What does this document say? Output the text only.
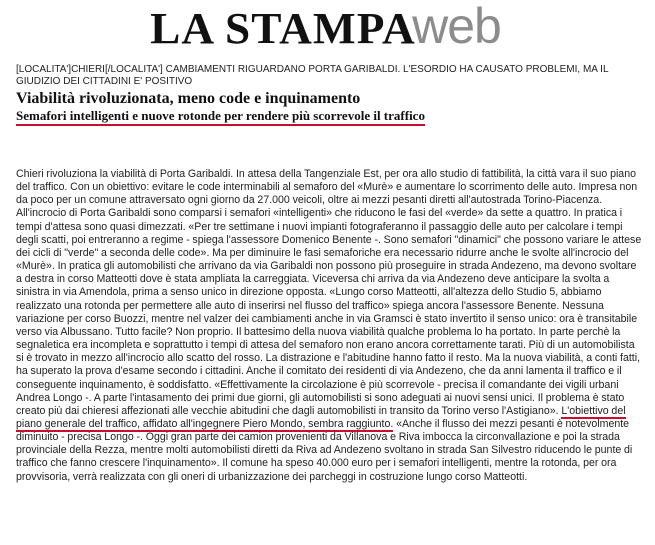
LA STAMPAweb
[LOCALITA']CHIERI[/LOCALITA'] CAMBIAMENTI RIGUARDANO PORTA GARIBALDI. L'ESORDIO HA CAUSATO PROBLEMI, MA IL GIUDIZIO DEI CITTADINI E' POSITIVO
Viabilità rivoluzionata, meno code e inquinamento
Semafori intelligenti e nuove rotonde per rendere più scorrevole il traffico
Chieri rivoluziona la viabilità di Porta Garibaldi. In attesa della Tangenziale Est, per ora allo studio di fattibilità, la città vara il suo piano del traffico. Con un obiettivo: evitare le code interminabili al semaforo del «Murè» e aumentare lo scorrimento delle auto. Impresa non da poco per un comune attraversato ogni giorno da 27.000 veicoli, oltre ai mezzi pesanti diretti all'autostrada Torino-Piacenza. All'incrocio di Porta Garibaldi sono comparsi i semafori «intelligenti» che riducono le fasi del «verde» da sette a quattro. In pratica i tempi d'attesa sono quasi dimezzati. «Per tre settimane i nuovi impianti fotograferanno il passaggio delle auto per calcolare i tempi degli scatti, poi entreranno a regime - spiega l'assessore Domenico Benente -. Sono semafori "dinamici" che possono variare le attese dei cicli di "verde" a seconda delle code». Ma per diminuire le fasi semaforiche era necessario ridurre anche le svolte all'incrocio del «Murè». In pratica gli automobilisti che arrivano da via Garibaldi non possono più proseguire in strada Andezeno, ma devono svoltare a destra in corso Matteotti dove è stata ampliata la carreggiata. Viceversa chi arriva da via Andezeno deve anticipare la svolta a sinistra in via Amendola, prima a senso unico in direzione opposta. «Lungo corso Matteotti, all'altezza dello Studio 5, abbiamo realizzato una rotonda per permettere alle auto di inserirsi nel flusso del traffico» spiega ancora l'assessore Benente. Nessuna variazione per corso Buozzi, mentre nel valzer dei cambiamenti anche in via Gramsci è stato invertito il senso unico: ora è transitabile verso via Albussano. Tutto facile? Non proprio. Il battesimo della nuova viabilità qualche problema lo ha portato. In parte perchè la segnaletica era incompleta e soprattutto i tempi di attesa del semaforo non erano ancora correttamente tarati. Più di un automobilista si è trovato in mezzo all'incrocio allo scatto del rosso. La distrazione e l'abitudine hanno fatto il resto. Ma la nuova viabilità, a conti fatti, ha superato la prova d'esame secondo i cittadini. Anche il comitato dei residenti di via Andezeno, che da anni lamenta il traffico e il conseguente inquinamento, è soddisfatto. «Effettivamente la circolazione è più scorrevole - precisa il comandante dei vigili urbani Andrea Longo -. A parte l'intasamento dei primi due giorni, gli automobilisti si sono adeguati ai nuovi sensi unici. Il problema è stato creato più dai chieresi affezionati alle vecchie abitudini che dagli automobilisti in transito da Torino verso l'Astigiano». L'obiettivo del piano generale del traffico, affidato all'ingegnere Piero Mondo, sembra raggiunto. «Anche il flusso dei mezzi pesanti è notevolmente diminuito - precisa Longo -. Oggi gran parte dei camion provenienti da Villanova e Riva imbocca la circonvallazione e poi la strada provinciale della Rezza, mentre molti automobilisti diretti da Riva ad Andezeno svoltano in strada San Silvestro riducendo le punte di traffico che fanno crescere l'inquinamento». Il comune ha speso 40.000 euro per i semafori intelligenti, mentre la rotonda, per ora provvisoria, verrà realizzata con gli oneri di urbanizzazione dei parcheggi in costruzione lungo corso Matteotti.
